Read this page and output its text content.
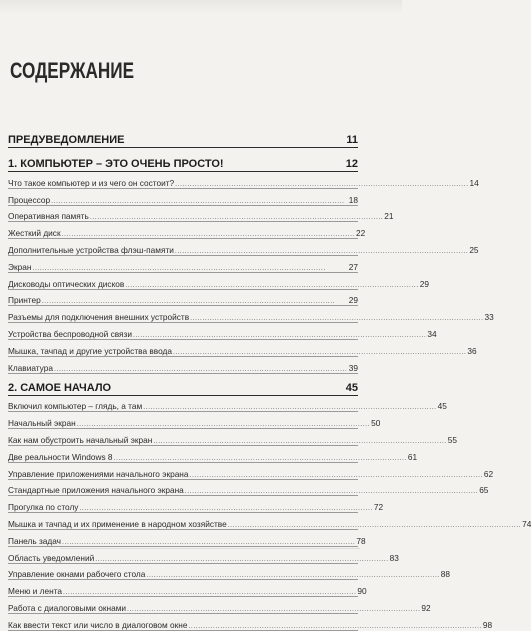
СОДЕРЖАНИЕ
ПРЕДУВЕДОМЛЕНИЕ	11
1. КОМПЬЮТЕР – ЭТО ОЧЕНЬ ПРОСТО!	12
Что такое компьютер и из чего он состоит? ........................................................................................................................ 14
Процессор ........................................................................................................................ 18
Оперативная память ........................................................................................................................ 21
Жесткий диск ........................................................................................................................ 22
Дополнительные устройства флэш-памяти ........................................................................................................................ 25
Экран ........................................................................................................................	27
Дисководы оптических дисков ........................................................................................................................ 29
Принтер ........................................................................................................................	29
Разъемы для подключения внешних устройств ........................................................................................................................ 33
Устройства беспроводной связи ........................................................................................................................ 34
Мышка, тачпад и другие устройства ввода ........................................................................................................................ 36
Клавиатура ........................................................................................................................ 39
2. САМОЕ НАЧАЛО	45
Включил компьютер – глядь, а там ........................................................................................................................ 45
Начальный экран ........................................................................................................................ 50
Как нам обустроить начальный экран ........................................................................................................................ 55
Две реальности Windows 8 ........................................................................................................................ 61
Управление приложениями начального экрана ........................................................................................................................ 62
Стандартные приложения начального экрана ........................................................................................................................ 65
Прогулка по столу ........................................................................................................................ 72
Мышка и тачпад и их применение в народном хозяйстве ........................................................................................................................ 74
Панель задач ........................................................................................................................ 78
Область уведомлений ........................................................................................................................ 83
Управление окнами рабочего стола ........................................................................................................................ 88
Меню и лента ........................................................................................................................ 90
Работа с диалоговыми окнами ........................................................................................................................ 92
Как ввести текст или число в диалоговом окне ........................................................................................................................ 98
